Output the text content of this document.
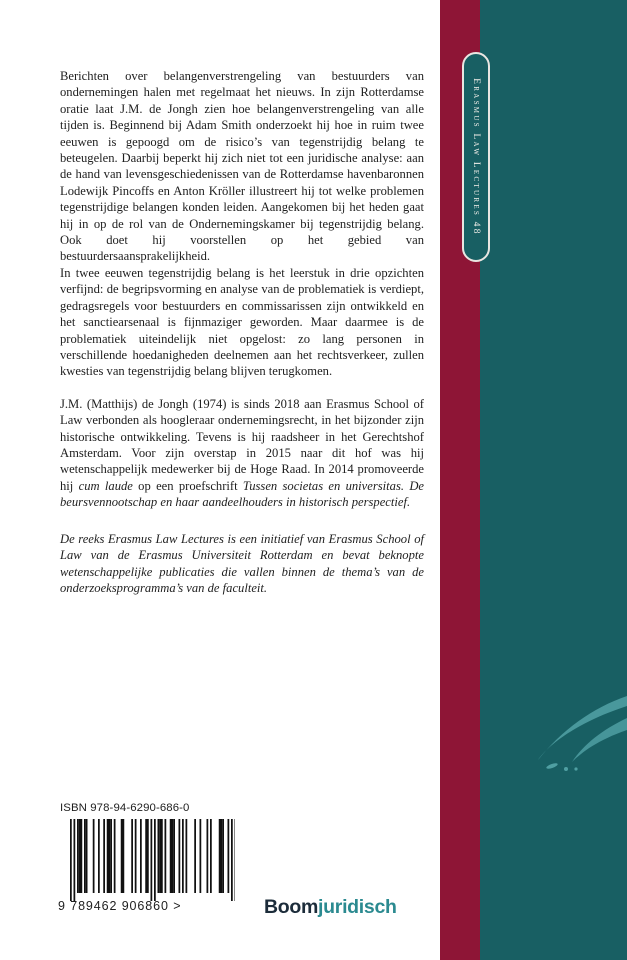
Berichten over belangenverstrengeling van bestuurders van ondernemingen halen met regelmaat het nieuws. In zijn Rotterdamse oratie laat J.M. de Jongh zien hoe belangenverstrengeling van alle tijden is. Beginnend bij Adam Smith onderzoekt hij hoe in ruim twee eeuwen is gepoogd om de risico’s van tegenstrijdig belang te beteugelen. Daarbij beperkt hij zich niet tot een juridische analyse: aan de hand van levensgeschiedenissen van de Rotterdamse havenbaronnen Lodewijk Pincoffs en Anton Kröller illustreert hij tot welke problemen tegenstrijdige belangen konden leiden. Aangekomen bij het heden gaat hij in op de rol van de Ondernemingskamer bij tegenstrijdig belang. Ook doet hij voorstellen op het gebied van bestuurdersaansprakelijkheid.

In twee eeuwen tegenstrijdig belang is het leerstuk in drie opzichten verfijnd: de begripsvorming en analyse van de problematiek is verdiept, gedragsregels voor bestuurders en commissarissen zijn ontwikkeld en het sanctiearsenaal is fijnmaziger geworden. Maar daarmee is de problematiek uiteindelijk niet opgelost: zo lang personen in verschillende hoedanigheden deelnemen aan het rechtsverkeer, zullen kwesties van tegenstrijdig belang blijven terugkomen.

J.M. (Matthijs) de Jongh (1974) is sinds 2018 aan Erasmus School of Law verbonden als hoogleraar ondernemingsrecht, in het bijzonder zijn historische ontwikkeling. Tevens is hij raadsheer in het Gerechtshof Amsterdam. Voor zijn overstap in 2015 naar dit hof was hij wetenschappelijk medewerker bij de Hoge Raad. In 2014 promoveerde hij cum laude op een proefschrift Tussen societas en universitas. De beursvennootschap en haar aandeelhouders in historisch perspectief.

De reeks Erasmus Law Lectures is een initiatief van Erasmus School of Law van de Erasmus Universiteit Rotterdam en bevat beknopte wetenschappelijke publicaties die vallen binnen de thema’s van de onderzoeksprogramma’s van de faculteit.
ISBN 978-94-6290-686-0
9 789462 906860 >	Boomjuridisch
Erasmus Law Lectures 48
